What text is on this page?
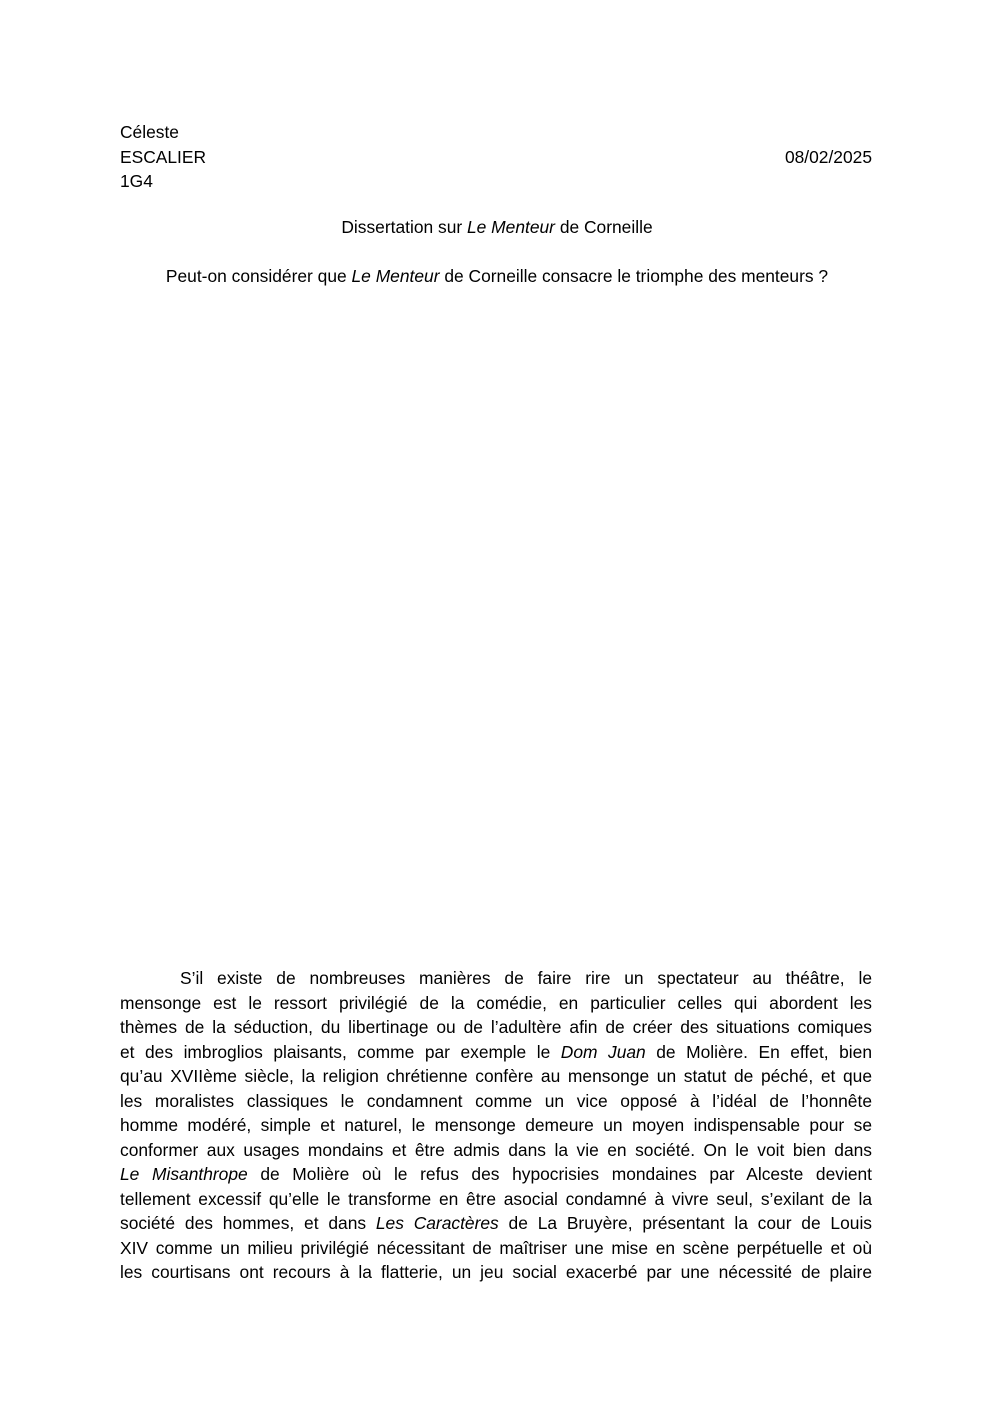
Céleste
ESCALIER
1G4
08/02/2025
Dissertation sur Le Menteur de Corneille
Peut-on considérer que Le Menteur de Corneille consacre le triomphe des menteurs ?
S’il existe de nombreuses manières de faire rire un spectateur au théâtre, le
mensonge est le ressort privilégié de la comédie, en particulier celles qui abordent les
thèmes de la séduction, du libertinage ou de l’adultère afin de créer des situations comiques
et des imbroglios plaisants, comme par exemple le Dom Juan de Molière. En effet, bien
qu’au XVIIème siècle, la religion chrétienne confère au mensonge un statut de péché, et que
les moralistes classiques le condamnent comme un vice opposé à l’idéal de l’honnête
homme modéré, simple et naturel, le mensonge demeure un moyen indispensable pour se
conformer aux usages mondains et être admis dans la vie en société. On le voit bien dans
Le Misanthrope de Molière où le refus des hypocrisies mondaines par Alceste devient
tellement excessif qu’elle le transforme en être asocial condamné à vivre seul, s’exilant de la
société des hommes, et dans Les Caractères de La Bruyère, présentant la cour de Louis
XIV comme un milieu privilégié nécessitant de maîtriser une mise en scène perpétuelle et où
les courtisans ont recours à la flatterie, un jeu social exacerbé par une nécessité de plaire
